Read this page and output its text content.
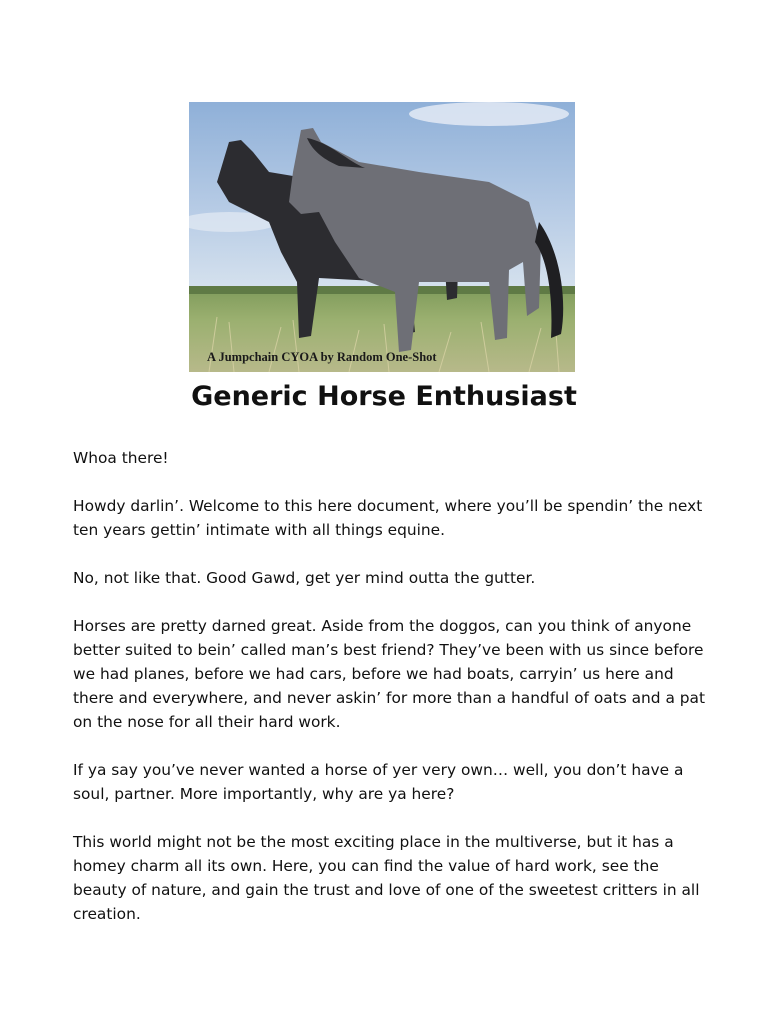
A Jumpchain CYOA by Random One-Shot
Generic Horse Enthusiast

Whoa there!

Howdy darlin’. Welcome to this here document, where you’ll be spendin’ the next ten years gettin’ intimate with all things equine.

No, not like that. Good Gawd, get yer mind outta the gutter.

Horses are pretty darned great. Aside from the doggos, can you think of anyone better suited to bein’ called man’s best friend? They’ve been with us since before we had planes, before we had cars, before we had boats, carryin’ us here and there and everywhere, and never askin’ for more than a handful of oats and a pat on the nose for all their hard work.

If ya say you’ve never wanted a horse of yer very own… well, you don’t have a soul, partner. More importantly, why are ya here?

This world might not be the most exciting place in the multiverse, but it has a homey charm all its own. Here, you can find the value of hard work, see the beauty of nature, and gain the trust and love of one of the sweetest critters in all creation.
